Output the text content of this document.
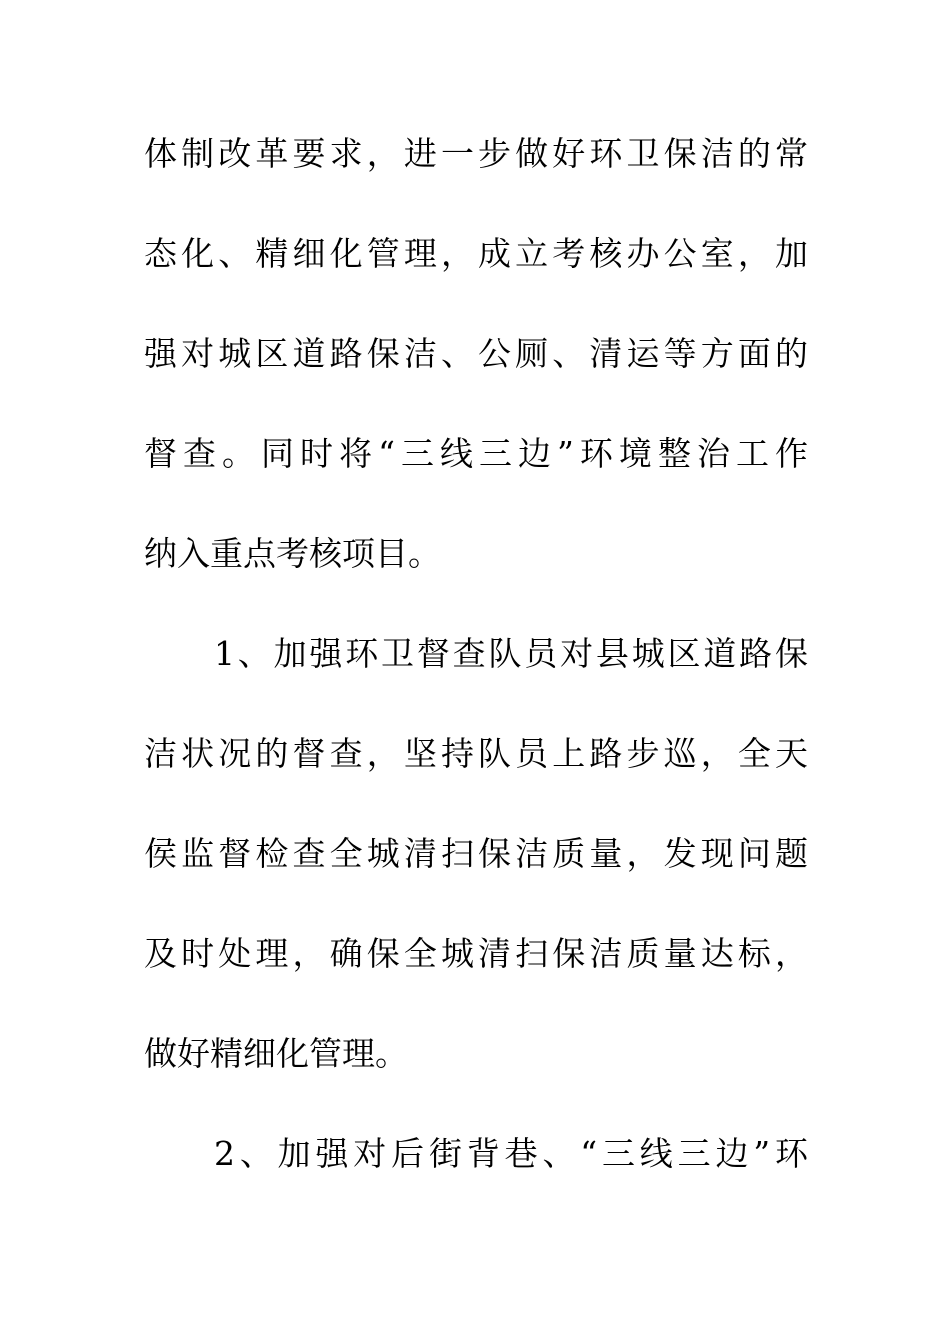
体制改革要求，进一步做好环卫保洁的常
态化、精细化管理，成立考核办公室，加
强对城区道路保洁、公厕、清运等方面的
督查。同时将“三线三边”环境整治工作
纳入重点考核项目。
1、加强环卫督查队员对县城区道路保
洁状况的督查，坚持队员上路步巡，全天
侯监督检查全城清扫保洁质量，发现问题
及时处理，确保全城清扫保洁质量达标，
做好精细化管理。
2、加强对后街背巷、“三线三边”环
